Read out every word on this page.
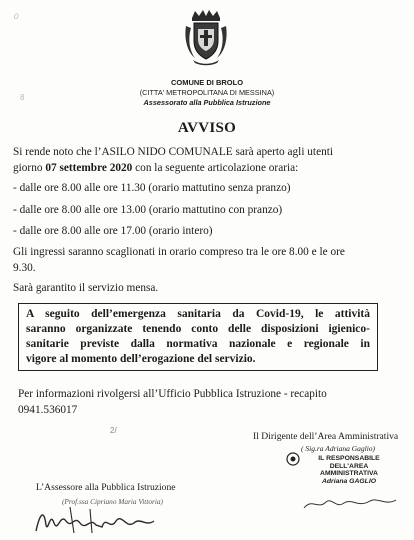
0
8
COMUNE DI BROLO
(CITTA' METROPOLITANA DI MESSINA)
Assessorato alla Pubblica Istruzione
AVVISO
Si rende noto che l’ASILO NIDO COMUNALE sarà aperto agli utenti
giorno 07 settembre 2020 con la seguente articolazione oraria:
- dalle ore 8.00 alle ore 11.30 (orario mattutino senza pranzo)
- dalle ore 8.00 alle ore 13.00 (orario mattutino con pranzo)
- dalle ore 8.00 alle ore 17.00 (orario intero)
Gli ingressi saranno scaglionati in orario compreso tra le ore 8.00 e le ore
9.30.
Sarà garantito il servizio mensa.
A seguito dell’emergenza sanitaria da Covid-19, le attività
saranno organizzate tenendo conto delle disposizioni igienico-
sanitarie previste dalla normativa nazionale e regionale in
vigore al momento dell’erogazione del servizio.
Per informazioni rivolgersi all’Ufficio Pubblica Istruzione - recapito
0941.536017
2/
Il Dirigente dell’Area Amministrativa
( Sig.ra Adriana Gaglio)
IL RESPONSABILE
DELL'AREA
AMMINISTRATIVA
Adriana GAGLIO
L’Assessore alla Pubblica Istruzione
(Prof.ssa Cipriano Maria Vittoria)
